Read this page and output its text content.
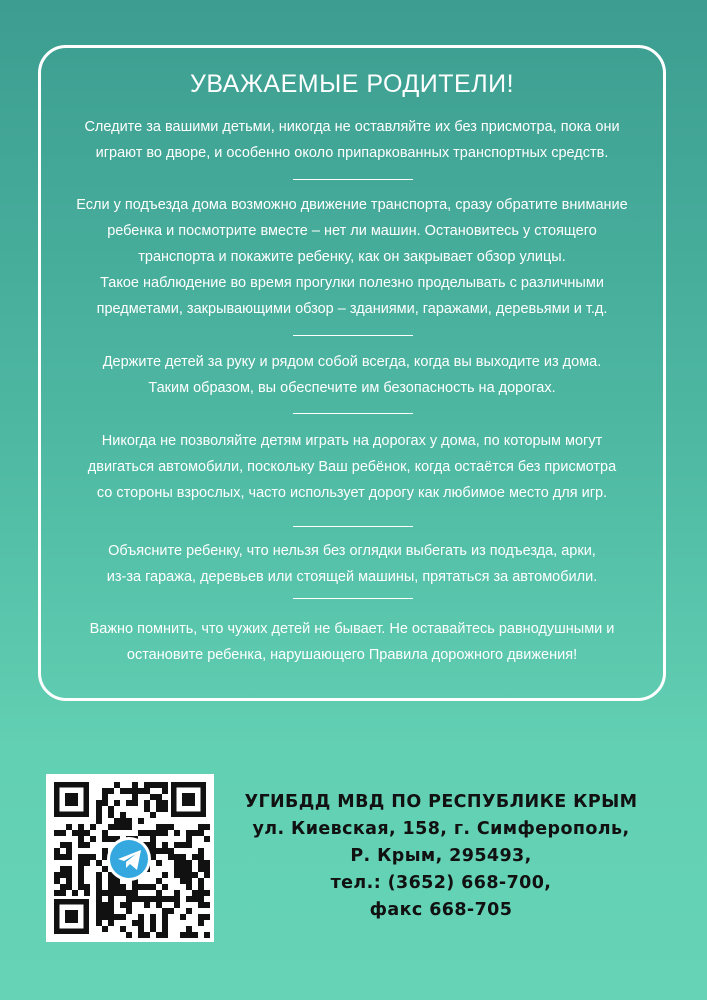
УВАЖАЕМЫЕ РОДИТЕЛИ!
Следите за вашими детьми, никогда не оставляйте их без присмотра, пока они
играют во дворе, и особенно около припаркованных транспортных средств.
Если у подъезда дома возможно движение транспорта, сразу обратите внимание
ребенка и посмотрите вместе – нет ли машин. Остановитесь у стоящего
транспорта и покажите ребенку, как он закрывает обзор улицы.
Такое наблюдение во время прогулки полезно проделывать с различными
предметами, закрывающими обзор – зданиями, гаражами, деревьями и т.д.
Держите детей за руку и рядом собой всегда, когда вы выходите из дома.
Таким образом, вы обеспечите им безопасность на дорогах.
Никогда не позволяйте детям играть на дорогах у дома, по которым могут
двигаться автомобили, поскольку Ваш ребёнок, когда остаётся без присмотра
со стороны взрослых, часто использует дорогу как любимое место для игр.
Объясните ребенку, что нельзя без оглядки выбегать из подъезда, арки,
из-за гаража, деревьев или стоящей машины, прятаться за автомобили.
Важно помнить, что чужих детей не бывает. Не оставайтесь равнодушными и
остановите ребенка, нарушающего Правила дорожного движения!
УГИБДД МВД ПО РЕСПУБЛИКЕ КРЫМ
ул. Киевская, 158, г. Симферополь,
Р. Крым, 295493,
тел.: (3652) 668-700,
факс 668-705
